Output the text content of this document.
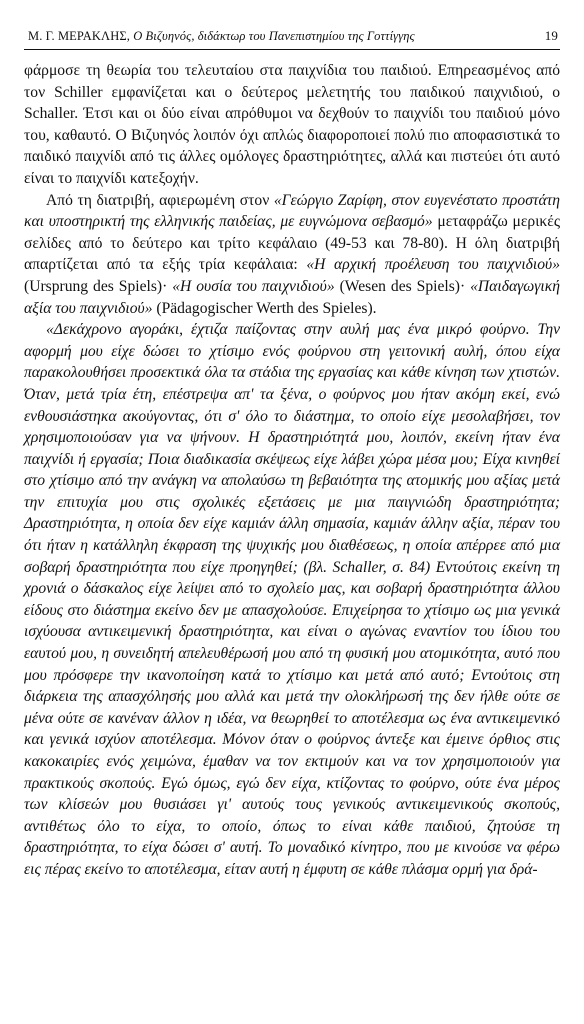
Μ. Γ. ΜΕΡΑΚΛΗΣ, Ο Βιζυηνός, διδάκτωρ του Πανεπιστημίου της Γοττίγγης	19

φάρμοσε τη θεωρία του τελευταίου στα παιχνίδια του παιδιού. Επηρεασμένος από τον Schiller εμφανίζεται και ο δεύτερος μελετητής του παιδικού παιχνιδιού, ο Schaller. Έτσι και οι δύο είναι απρόθυμοι να δεχθούν το παιχνίδι του παιδιού μόνο του, καθαυτό. Ο Βιζυηνός λοιπόν όχι απλώς διαφοροποιεί πολύ πιο αποφασιστικά το παιδικό παιχνίδι από τις άλλες ομόλογες δραστηριότητες, αλλά και πιστεύει ότι αυτό είναι το παιχνίδι κατεξοχήν.

Από τη διατριβή, αφιερωμένη στον «Γεώργιο Ζαρίφη, στον ευγενέστατο προστάτη και υποστηρικτή της ελληνικής παιδείας, με ευγνώμονα σεβασμό» μεταφράζω μερικές σελίδες από το δεύτερο και τρίτο κεφάλαιο (49-53 και 78-80). Η όλη διατριβή απαρτίζεται από τα εξής τρία κεφάλαια: «Η αρχική προέλευση του παιχνιδιού» (Ursprung des Spiels)· «Η ουσία του παιχνιδιού» (Wesen des Spiels)· «Παιδαγωγική αξία του παιχνιδιού» (Pädagogischer Werth des Spieles).

«Δεκάχρονο αγοράκι, έχτιζα παίζοντας στην αυλή μας ένα μικρό φούρνο. Την αφορμή μου είχε δώσει το χτίσιμο ενός φούρνου στη γειτονική αυλή, όπου είχα παρακολουθήσει προσεκτικά όλα τα στάδια της εργασίας και κάθε κίνηση των χτιστών. Όταν, μετά τρία έτη, επέστρεψα απ' τα ξένα, ο φούρνος μου ήταν ακόμη εκεί, ενώ ενθουσιάστηκα ακούγοντας, ότι σ' όλο το διάστημα, το οποίο είχε μεσολαβήσει, τον χρησιμοποιούσαν για να ψήνουν. Η δραστηριότητά μου, λοιπόν, εκείνη ήταν ένα παιχνίδι ή εργασία; Ποια διαδικασία σκέψεως είχε λάβει χώρα μέσα μου; Είχα κινηθεί στο χτίσιμο από την ανάγκη να απολαύσω τη βεβαιότητα της ατομικής μου αξίας μετά την επιτυχία μου στις σχολικές εξετάσεις με μια παιγνιώδη δραστηριότητα; Δραστηριότητα, η οποία δεν είχε καμιάν άλλη σημασία, καμιάν άλλην αξία, πέραν του ότι ήταν η κατάλληλη έκφραση της ψυχικής μου διαθέσεως, η οποία απέρρεε από μια σοβαρή δραστηριότητα που είχε προηγηθεί; (βλ. Schaller, σ. 84) Εντούτοις εκείνη τη χρονιά ο δάσκαλος είχε λείψει από το σχολείο μας, και σοβαρή δραστηριότητα άλλου είδους στο διάστημα εκείνο δεν με απασχολούσε. Επιχείρησα το χτίσιμο ως μια γενικά ισχύουσα αντικειμενική δραστηριότητα, και είναι ο αγώνας εναντίον του ίδιου του εαυτού μου, η συνειδητή απελευθέρωσή μου από τη φυσική μου ατομικότητα, αυτό που μου πρόσφερε την ικανοποίηση κατά το χτίσιμο και μετά από αυτό; Εντούτοις στη διάρκεια της απασχόλησής μου αλλά και μετά την ολοκλήρωσή της δεν ήλθε ούτε σε μένα ούτε σε κανέναν άλλον η ιδέα, να θεωρηθεί το αποτέλεσμα ως ένα αντικειμενικό και γενικά ισχύον αποτέλεσμα. Μόνον όταν ο φούρνος άντεξε και έμεινε όρθιος στις κακοκαιρίες ενός χειμώνα, έμαθαν να τον εκτιμούν και να τον χρησιμοποιούν για πρακτικούς σκοπούς. Εγώ όμως, εγώ δεν είχα, κτίζοντας το φούρνο, ούτε ένα μέρος των κλίσεών μου θυσιάσει γι' αυτούς τους γενικούς αντικειμενικούς σκοπούς, αντιθέτως όλο το είχα, το οποίο, όπως το είναι κάθε παιδιού, ζητούσε τη δραστηριότητα, το είχα δώσει σ' αυτή. Το μοναδικό κίνητρο, που με κινούσε να φέρω εις πέρας εκείνο το αποτέλεσμα, είταν αυτή η έμφυτη σε κάθε πλάσμα ορμή για δρά-
